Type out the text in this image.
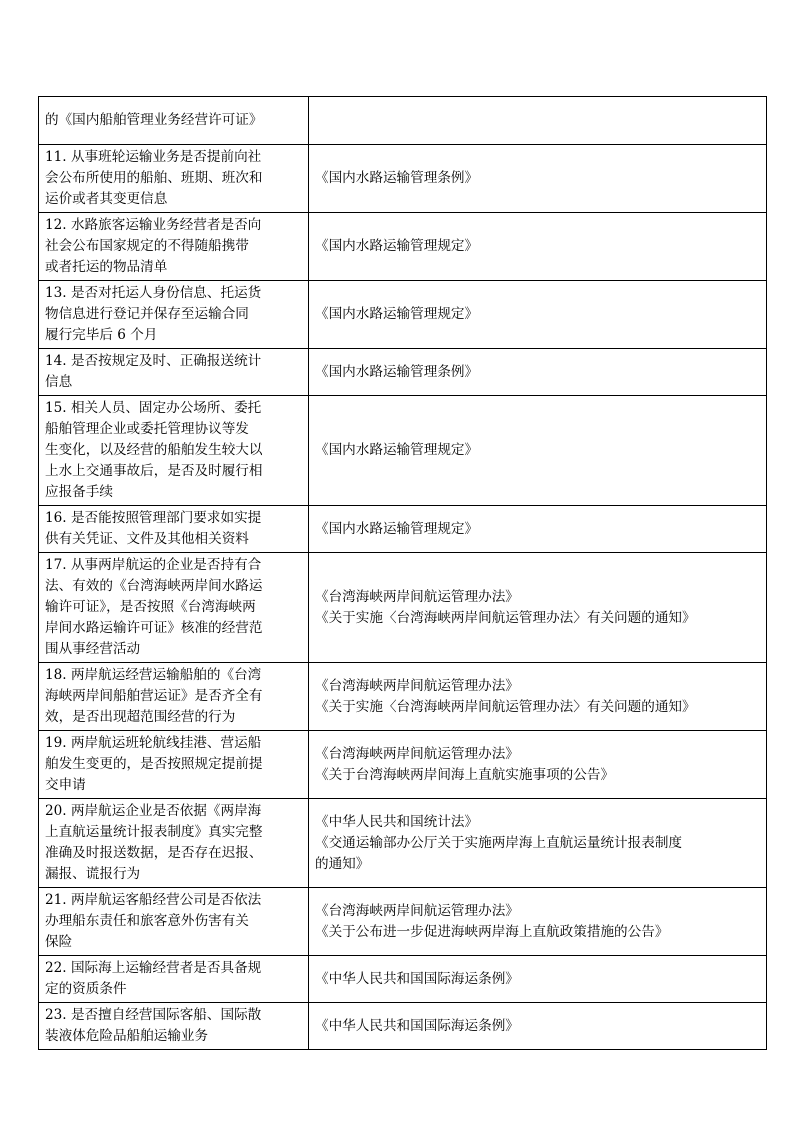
的《国内船舶管理业务经营许可证》	

11. 从事班轮运输业务是否提前向社
会公布所使用的船舶、班期、班次和
运价或者其变更信息	《国内水路运输管理条例》

12. 水路旅客运输业务经营者是否向
社会公布国家规定的不得随船携带
或者托运的物品清单	《国内水路运输管理规定》

13. 是否对托运人身份信息、托运货
物信息进行登记并保存至运输合同
履行完毕后 6 个月	《国内水路运输管理规定》

14. 是否按规定及时、正确报送统计
信息	《国内水路运输管理条例》

15. 相关人员、固定办公场所、委托
船舶管理企业或委托管理协议等发
生变化，以及经营的船舶发生较大以
上水上交通事故后，是否及时履行相
应报备手续	《国内水路运输管理规定》

16. 是否能按照管理部门要求如实提
供有关凭证、文件及其他相关资料	《国内水路运输管理规定》

17. 从事两岸航运的企业是否持有合
法、有效的《台湾海峡两岸间水路运
输许可证》，是否按照《台湾海峡两
岸间水路运输许可证》核准的经营范
围从事经营活动	《台湾海峡两岸间航运管理办法》
《关于实施〈台湾海峡两岸间航运管理办法〉有关问题的通知》

18. 两岸航运经营运输船舶的《台湾
海峡两岸间船舶营运证》是否齐全有
效，是否出现超范围经营的行为	《台湾海峡两岸间航运管理办法》
《关于实施〈台湾海峡两岸间航运管理办法〉有关问题的通知》

19. 两岸航运班轮航线挂港、营运船
舶发生变更的，是否按照规定提前提
交申请	《台湾海峡两岸间航运管理办法》
《关于台湾海峡两岸间海上直航实施事项的公告》

20. 两岸航运企业是否依据《两岸海
上直航运量统计报表制度》真实完整
准确及时报送数据，是否存在迟报、
漏报、谎报行为	《中华人民共和国统计法》
《交通运输部办公厅关于实施两岸海上直航运量统计报表制度
的通知》

21. 两岸航运客船经营公司是否依法
办理船东责任和旅客意外伤害有关
保险	《台湾海峡两岸间航运管理办法》
《关于公布进一步促进海峡两岸海上直航政策措施的公告》

22. 国际海上运输经营者是否具备规
定的资质条件	《中华人民共和国国际海运条例》

23. 是否擅自经营国际客船、国际散
装液体危险品船舶运输业务	《中华人民共和国国际海运条例》
